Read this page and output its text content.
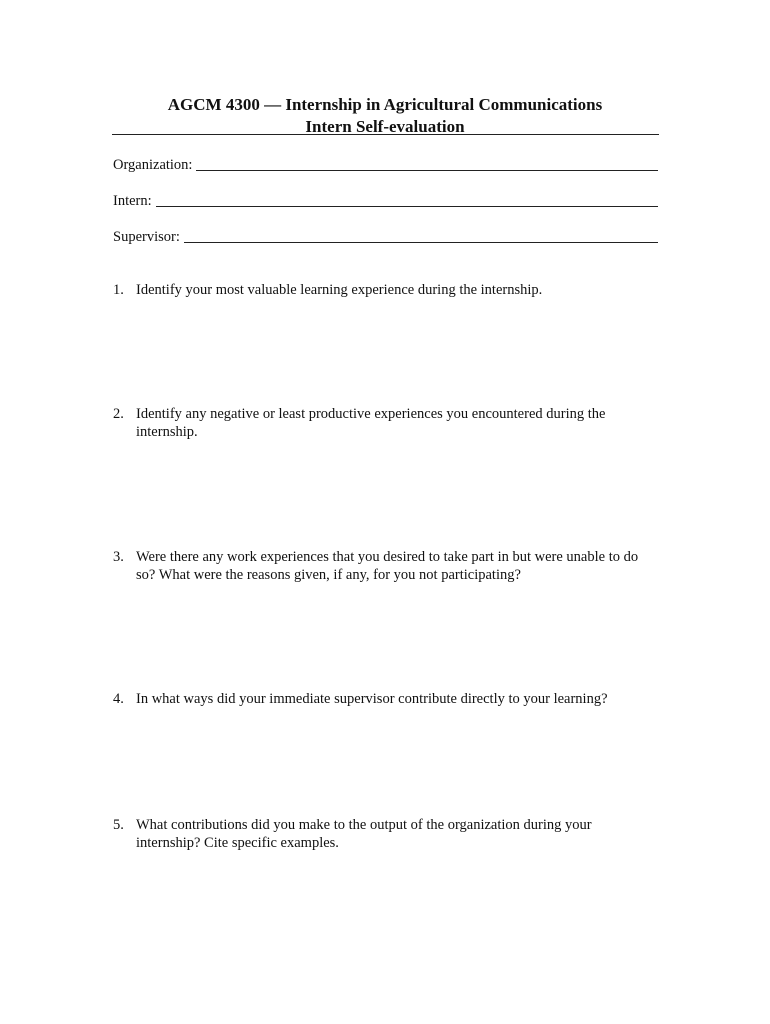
AGCM 4300 — Internship in Agricultural Communications
Intern Self-evaluation
Organization:
Intern:
Supervisor:
1. Identify your most valuable learning experience during the internship.
2. Identify any negative or least productive experiences you encountered during the internship.
3. Were there any work experiences that you desired to take part in but were unable to do so? What were the reasons given, if any, for you not participating?
4. In what ways did your immediate supervisor contribute directly to your learning?
5. What contributions did you make to the output of the organization during your internship? Cite specific examples.
